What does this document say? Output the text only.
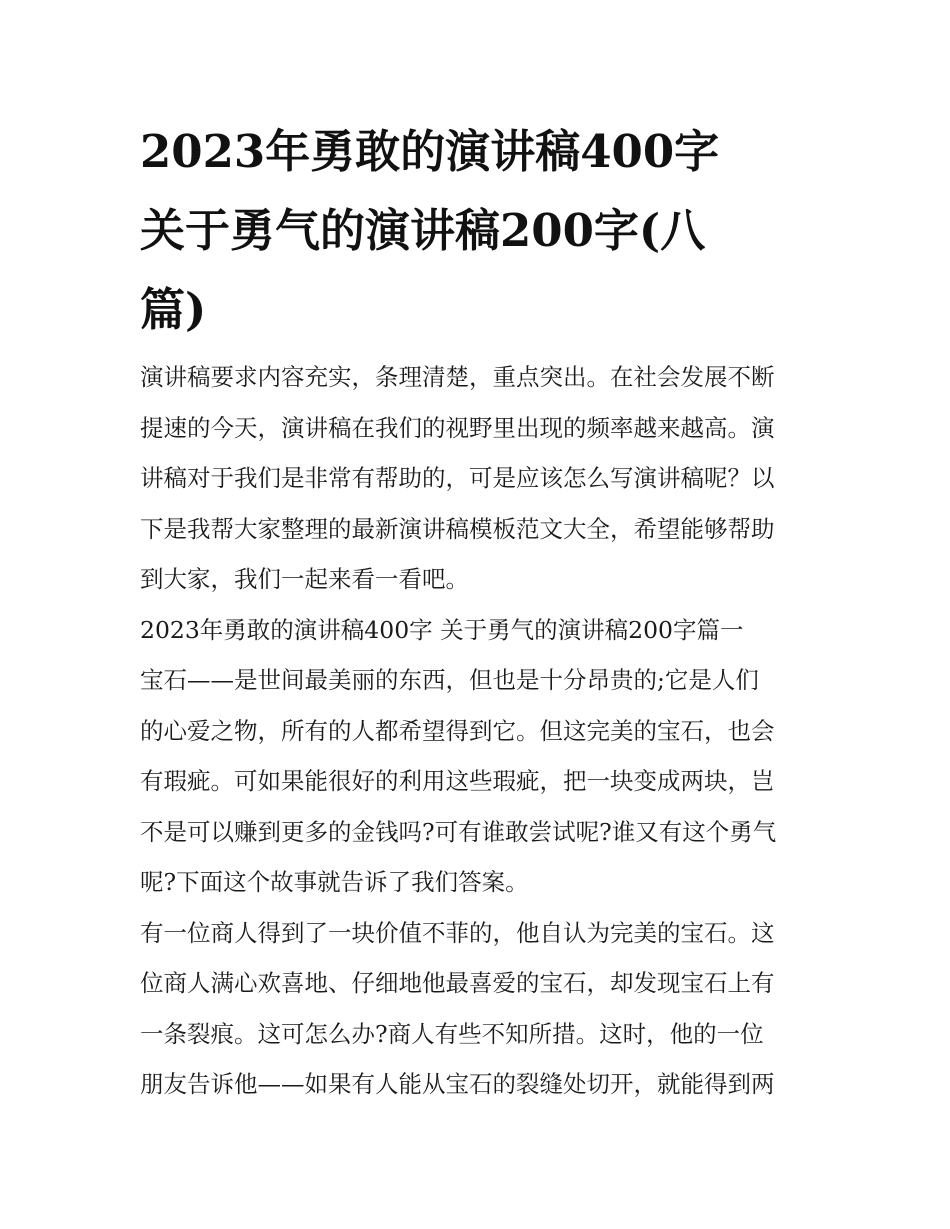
2023年勇敢的演讲稿400字
关于勇气的演讲稿200字(八
篇)
演讲稿要求内容充实，条理清楚，重点突出。在社会发展不断
提速的今天，演讲稿在我们的视野里出现的频率越来越高。演
讲稿对于我们是非常有帮助的，可是应该怎么写演讲稿呢？以
下是我帮大家整理的最新演讲稿模板范文大全，希望能够帮助
到大家，我们一起来看一看吧。
2023年勇敢的演讲稿400字 关于勇气的演讲稿200字篇一
宝石——是世间最美丽的东西，但也是十分昂贵的;它是人们
的心爱之物，所有的人都希望得到它。但这完美的宝石，也会
有瑕疵。可如果能很好的利用这些瑕疵，把一块变成两块，岂
不是可以赚到更多的金钱吗?可有谁敢尝试呢?谁又有这个勇气
呢?下面这个故事就告诉了我们答案。
有一位商人得到了一块价值不菲的，他自认为完美的宝石。这
位商人满心欢喜地、仔细地他最喜爱的宝石，却发现宝石上有
一条裂痕。这可怎么办?商人有些不知所措。这时，他的一位
朋友告诉他——如果有人能从宝石的裂缝处切开，就能得到两
